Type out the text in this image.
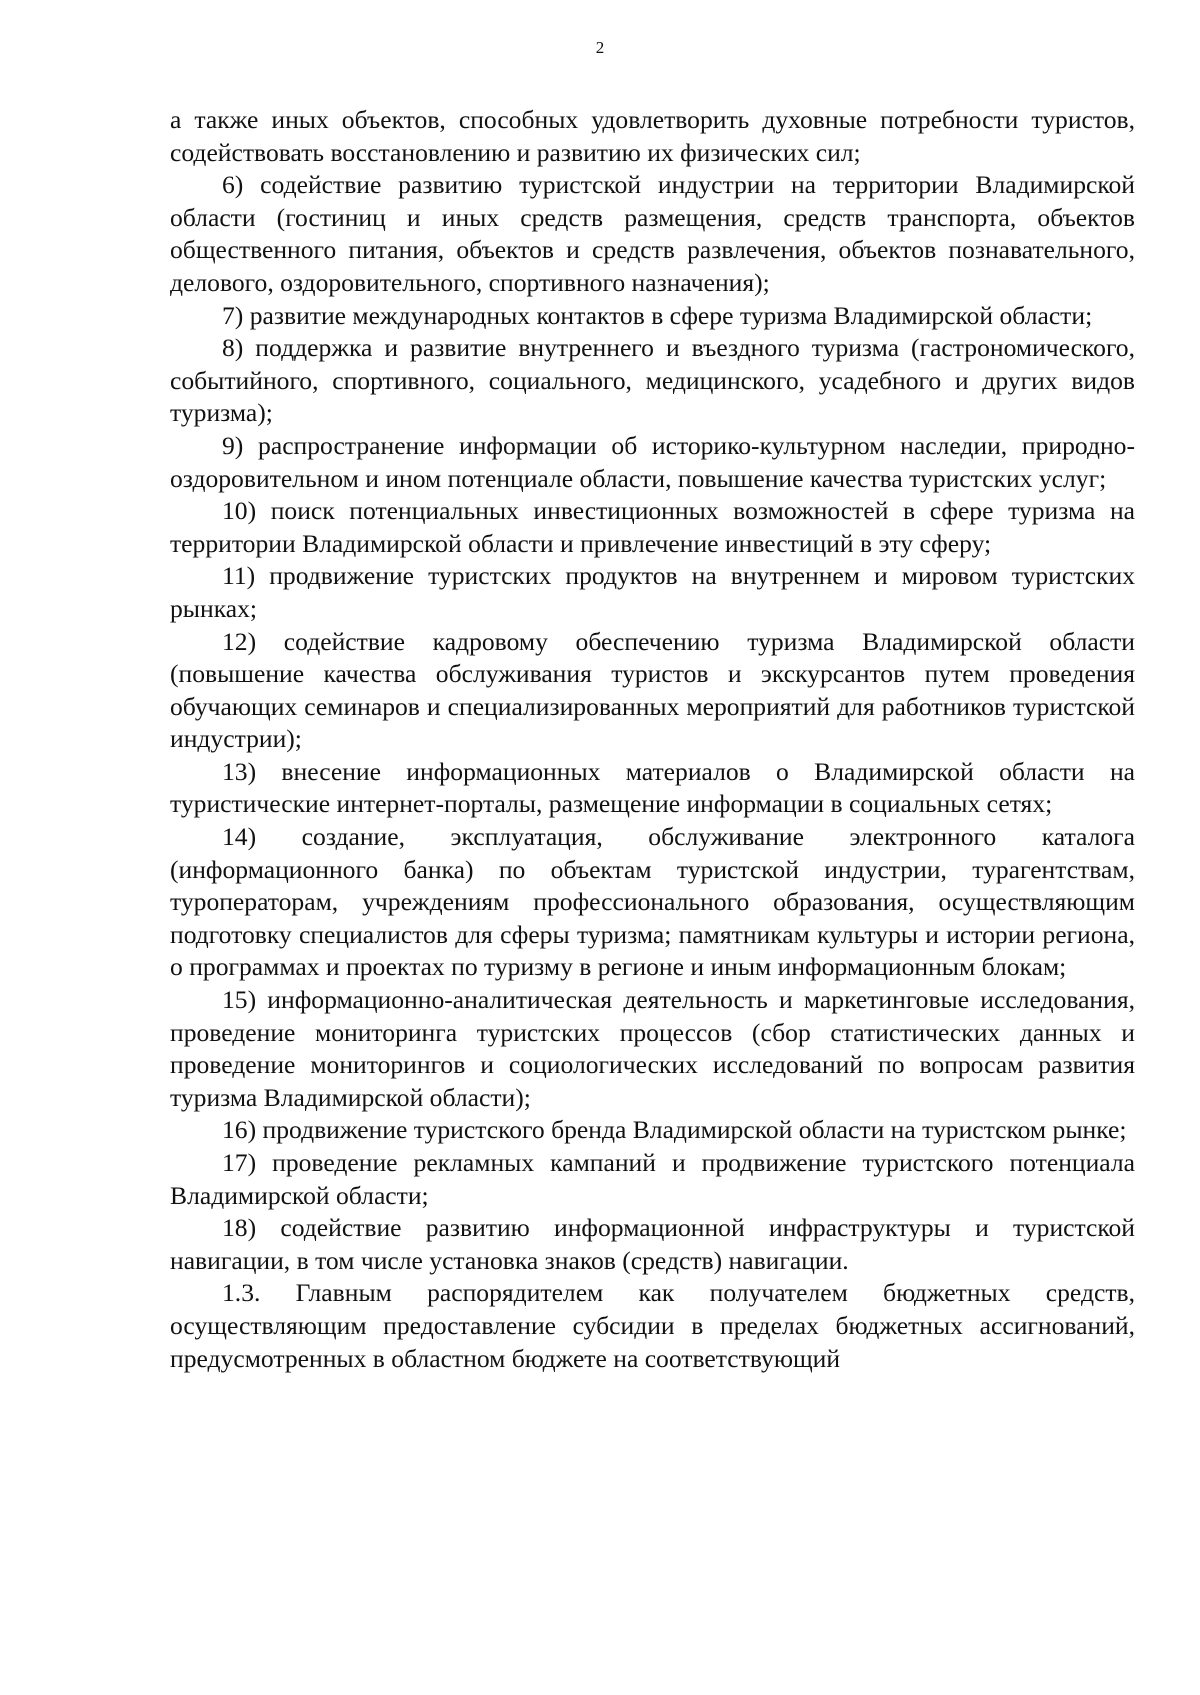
2

а также иных объектов, способных удовлетворить духовные потребности туристов, содействовать восстановлению и развитию их физических сил;

6) содействие развитию туристской индустрии на территории Владимирской области (гостиниц и иных средств размещения, средств транспорта, объектов общественного питания, объектов и средств развлечения, объектов познавательного, делового, оздоровительного, спортивного назначения);

7) развитие международных контактов в сфере туризма Владимирской области;

8) поддержка и развитие внутреннего и въездного туризма (гастрономического, событийного, спортивного, социального, медицинского, усадебного и других видов туризма);

9) распространение информации об историко-культурном наследии, природно-оздоровительном и ином потенциале области, повышение качества туристских услуг;

10) поиск потенциальных инвестиционных возможностей в сфере туризма на территории Владимирской области и привлечение инвестиций в эту сферу;

11) продвижение туристских продуктов на внутреннем и мировом туристских рынках;

12) содействие кадровому обеспечению туризма Владимирской области (повышение качества обслуживания туристов и экскурсантов путем проведения обучающих семинаров и специализированных мероприятий для работников туристской индустрии);

13) внесение информационных материалов о Владимирской области на туристические интернет-порталы, размещение информации в социальных сетях;

14) создание, эксплуатация, обслуживание электронного каталога (информационного банка) по объектам туристской индустрии, турагентствам, туроператорам, учреждениям профессионального образования, осуществляющим подготовку специалистов для сферы туризма; памятникам культуры и истории региона, о программах и проектах по туризму в регионе и иным информационным блокам;

15) информационно-аналитическая деятельность и маркетинговые исследования, проведение мониторинга туристских процессов (сбор статистических данных и проведение мониторингов и социологических исследований по вопросам развития туризма Владимирской области);

16) продвижение туристского бренда Владимирской области на туристском рынке;

17) проведение рекламных кампаний и продвижение туристского потенциала Владимирской области;

18) содействие развитию информационной инфраструктуры и туристской навигации, в том числе установка знаков (средств) навигации.

1.3. Главным распорядителем как получателем бюджетных средств, осуществляющим предоставление субсидии в пределах бюджетных ассигнований, предусмотренных в областном бюджете на соответствующий
